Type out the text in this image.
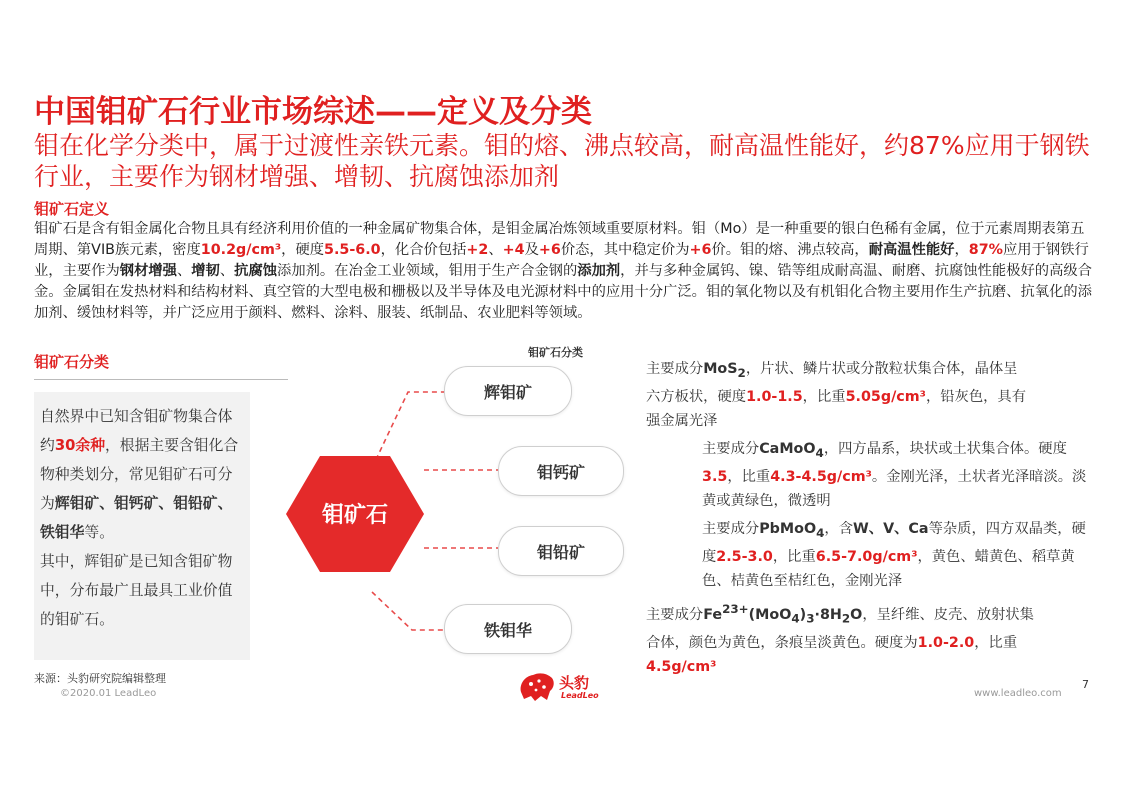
中国钼矿石行业市场综述——定义及分类
钼在化学分类中，属于过渡性亲铁元素。钼的熔、沸点较高，耐高温性能好，约87%应用于钢铁行业，主要作为钢材增强、增韧、抗腐蚀添加剂
钼矿石定义
钼矿石是含有钼金属化合物且具有经济利用价值的一种金属矿物集合体，是钼金属冶炼领域重要原材料。钼（Mo）是一种重要的银白色稀有金属，位于元素周期表第五周期、第VIB族元素，密度10.2g/cm³，硬度5.5-6.0，化合价包括+2、+4及+6价态，其中稳定价为+6价。钼的熔、沸点较高，耐高温性能好，87%应用于钢铁行业，主要作为钢材增强、增韧、抗腐蚀添加剂。在冶金工业领域，钼用于生产合金钢的添加剂，并与多种金属钨、镍、锆等组成耐高温、耐磨、抗腐蚀性能极好的高级合金。金属钼在发热材料和结构材料、真空管的大型电极和栅极以及半导体及电光源材料中的应用十分广泛。钼的氧化物以及有机钼化合物主要用作生产抗磨、抗氧化的添加剂、缓蚀材料等，并广泛应用于颜料、燃料、涂料、服装、纸制品、农业肥料等领域。
钼矿石分类
自然界中已知含钼矿物集合体约30余种，根据主要含钼化合物种类划分，常见钼矿石可分为辉钼矿、钼钙矿、钼铅矿、铁钼华等。
其中，辉钼矿是已知含钼矿物中，分布最广且最具工业价值的钼矿石。
钼矿石分类
钼矿石
辉钼矿
钼钙矿
钼铅矿
铁钼华
主要成分MoS$_2$，片状、鳞片状或分散粒状集合体，晶体呈六方板状，硬度1.0-1.5，比重5.05g/cm³，铅灰色，具有强金属光泽
主要成分CaMoO$_4$，四方晶系，块状或土状集合体。硬度3.5，比重4.3-4.5g/cm³。金刚光泽，土状者光泽暗淡。淡黄或黄绿色，微透明
主要成分PbMoO$_4$，含W、V、Ca等杂质，四方双晶类，硬度2.5-3.0，比重6.5-7.0g/cm³，黄色、蜡黄色、稻草黄色、桔黄色至桔红色，金刚光泽
主要成分$Fe^{23+}(MoO_4)_3\cdot 8H_2O$，呈纤维、皮壳、放射状集合体，颜色为黄色，条痕呈淡黄色。硬度为1.0-2.0，比重4.5g/cm³
来源：头豹研究院编辑整理
©2020.01 LeadLeo
头豹
LeadLeo	www.leadleo.com
7
